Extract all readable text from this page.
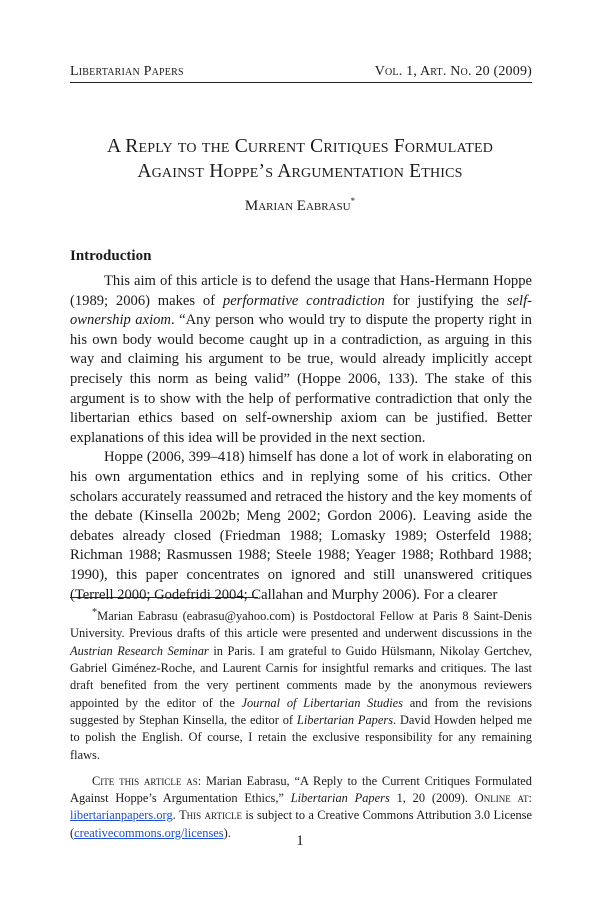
Libertarian Papers	Vol. 1, Art. No. 20 (2009)
A Reply to the Current Critiques Formulated
Against Hoppe’s Argumentation Ethics
Marian Eabrasu*
Introduction

This aim of this article is to defend the usage that Hans-Hermann Hoppe (1989; 2006) makes of performative contradiction for justifying the self-ownership axiom. “Any person who would try to dispute the property right in his own body would become caught up in a contradiction, as arguing in this way and claiming his argument to be true, would already implicitly accept precisely this norm as being valid” (Hoppe 2006, 133). The stake of this argument is to show with the help of performative contradiction that only the libertarian ethics based on self-ownership axiom can be justified. Better explanations of this idea will be provided in the next section.

Hoppe (2006, 399–418) himself has done a lot of work in elaborating on his own argumentation ethics and in replying some of his critics. Other scholars accurately reassumed and retraced the history and the key moments of the debate (Kinsella 2002b; Meng 2002; Gordon 2006). Leaving aside the debates already closed (Friedman 1988; Lomasky 1989; Osterfeld 1988; Richman 1988; Rasmussen 1988; Steele 1988; Yeager 1988; Rothbard 1988; 1990), this paper concentrates on ignored and still unanswered critiques (Terrell 2000; Godefridi 2004; Callahan and Murphy 2006). For a clearer

*Marian Eabrasu (eabrasu@yahoo.com) is Postdoctoral Fellow at Paris 8 Saint-Denis University. Previous drafts of this article were presented and underwent discussions in the Austrian Research Seminar in Paris. I am grateful to Guido Hülsmann, Nikolay Gertchev, Gabriel Giménez-Roche, and Laurent Carnis for insightful remarks and critiques. The last draft benefited from the very pertinent comments made by the anonymous reviewers appointed by the editor of the Journal of Libertarian Studies and from the revisions suggested by Stephan Kinsella, the editor of Libertarian Papers. David Howden helped me to polish the English. Of course, I retain the exclusive responsibility for any remaining flaws.

Cite this article as: Marian Eabrasu, “A Reply to the Current Critiques Formulated Against Hoppe’s Argumentation Ethics,” Libertarian Papers 1, 20 (2009). Online at: libertarianpapers.org. This article is subject to a Creative Commons Attribution 3.0 License (creativecommons.org/licenses).

1
